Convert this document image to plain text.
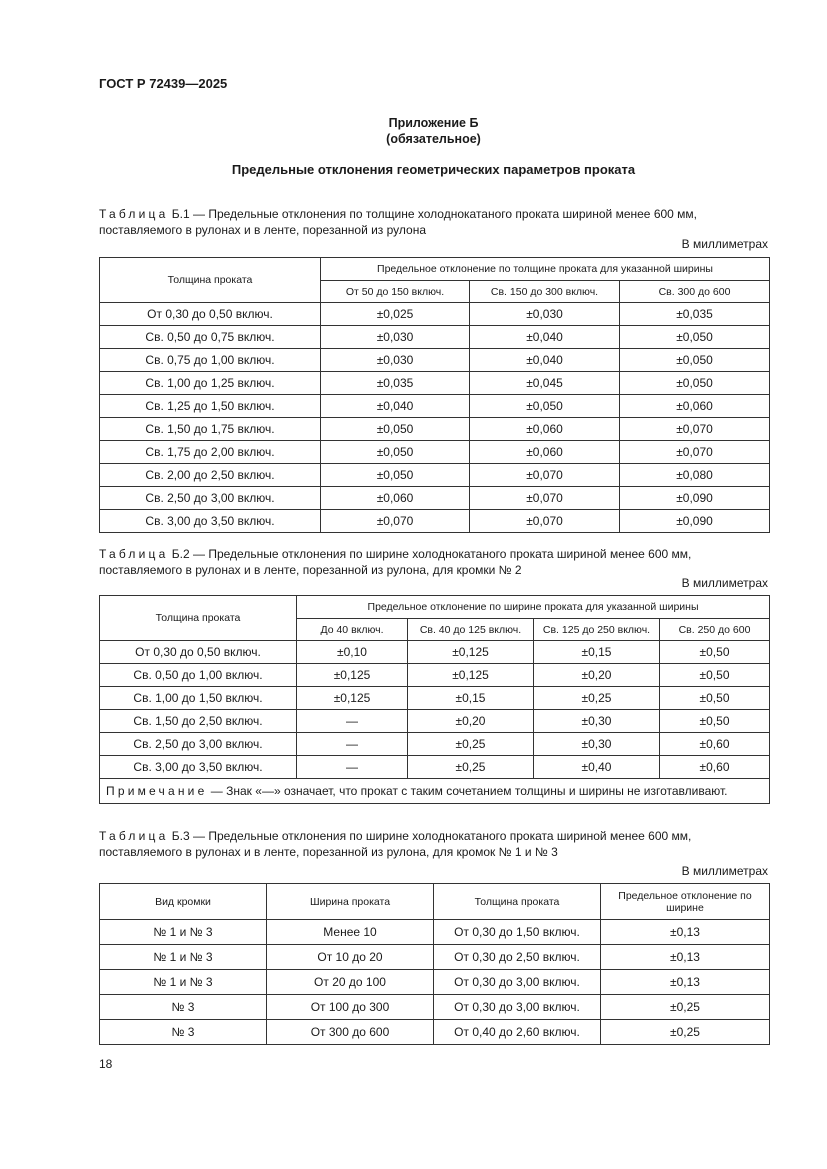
ГОСТ Р 72439—2025
Приложение Б
(обязательное)
Предельные отклонения геометрических параметров проката
Таблица Б.1 — Предельные отклонения по толщине холоднокатаного проката шириной менее 600 мм, поставляемого в рулонах и в ленте, порезанной из рулона
В миллиметрах
Толщина проката	Предельное отклонение по толщине проката для указанной ширины		
	От 50 до 150 включ.	Св. 150 до 300 включ.	Св. 300 до 600
От 0,30 до 0,50 включ.	±0,025	±0,030	±0,035
Св. 0,50 до 0,75 включ.	±0,030	±0,040	±0,050
Св. 0,75 до 1,00 включ.	±0,030	±0,040	±0,050
Св. 1,00 до 1,25 включ.	±0,035	±0,045	±0,050
Св. 1,25 до 1,50 включ.	±0,040	±0,050	±0,060
Св. 1,50 до 1,75 включ.	±0,050	±0,060	±0,070
Св. 1,75 до 2,00 включ.	±0,050	±0,060	±0,070
Св. 2,00 до 2,50 включ.	±0,050	±0,070	±0,080
Св. 2,50 до 3,00 включ.	±0,060	±0,070	±0,090
Св. 3,00 до 3,50 включ.	±0,070	±0,070	±0,090
Таблица Б.2 — Предельные отклонения по ширине холоднокатаного проката шириной менее 600 мм, поставляемого в рулонах и в ленте, порезанной из рулона, для кромки № 2
В миллиметрах
Толщина проката	Предельное отклонение по ширине проката для указанной ширины			
	До 40 включ.	Св. 40 до 125 включ.	Св. 125 до 250 включ.	Св. 250 до 600
От 0,30 до 0,50 включ.	±0,10	±0,125	±0,15	±0,50
Св. 0,50 до 1,00 включ.	±0,125	±0,125	±0,20	±0,50
Св. 1,00 до 1,50 включ.	±0,125	±0,15	±0,25	±0,50
Св. 1,50 до 2,50 включ.	—	±0,20	±0,30	±0,50
Св. 2,50 до 3,00 включ.	—	±0,25	±0,30	±0,60
Св. 3,00 до 3,50 включ.	—	±0,25	±0,40	±0,60
Примечание — Знак «—» означает, что прокат с таким сочетанием толщины и ширины не изготавливают.				
Таблица Б.3 — Предельные отклонения по ширине холоднокатаного проката шириной менее 600 мм, поставляемого в рулонах и в ленте, порезанной из рулона, для кромок № 1 и № 3
В миллиметрах
Вид кромки	Ширина проката	Толщина проката	Предельное отклонение по ширине
№ 1 и № 3	Менее 10	От 0,30 до 1,50 включ.	±0,13
№ 1 и № 3	От 10 до 20	От 0,30 до 2,50 включ.	±0,13
№ 1 и № 3	От 20 до 100	От 0,30 до 3,00 включ.	±0,13
№ 3	От 100 до 300	От 0,30 до 3,00 включ.	±0,25
№ 3	От 300 до 600	От 0,40 до 2,60 включ.	±0,25
18
